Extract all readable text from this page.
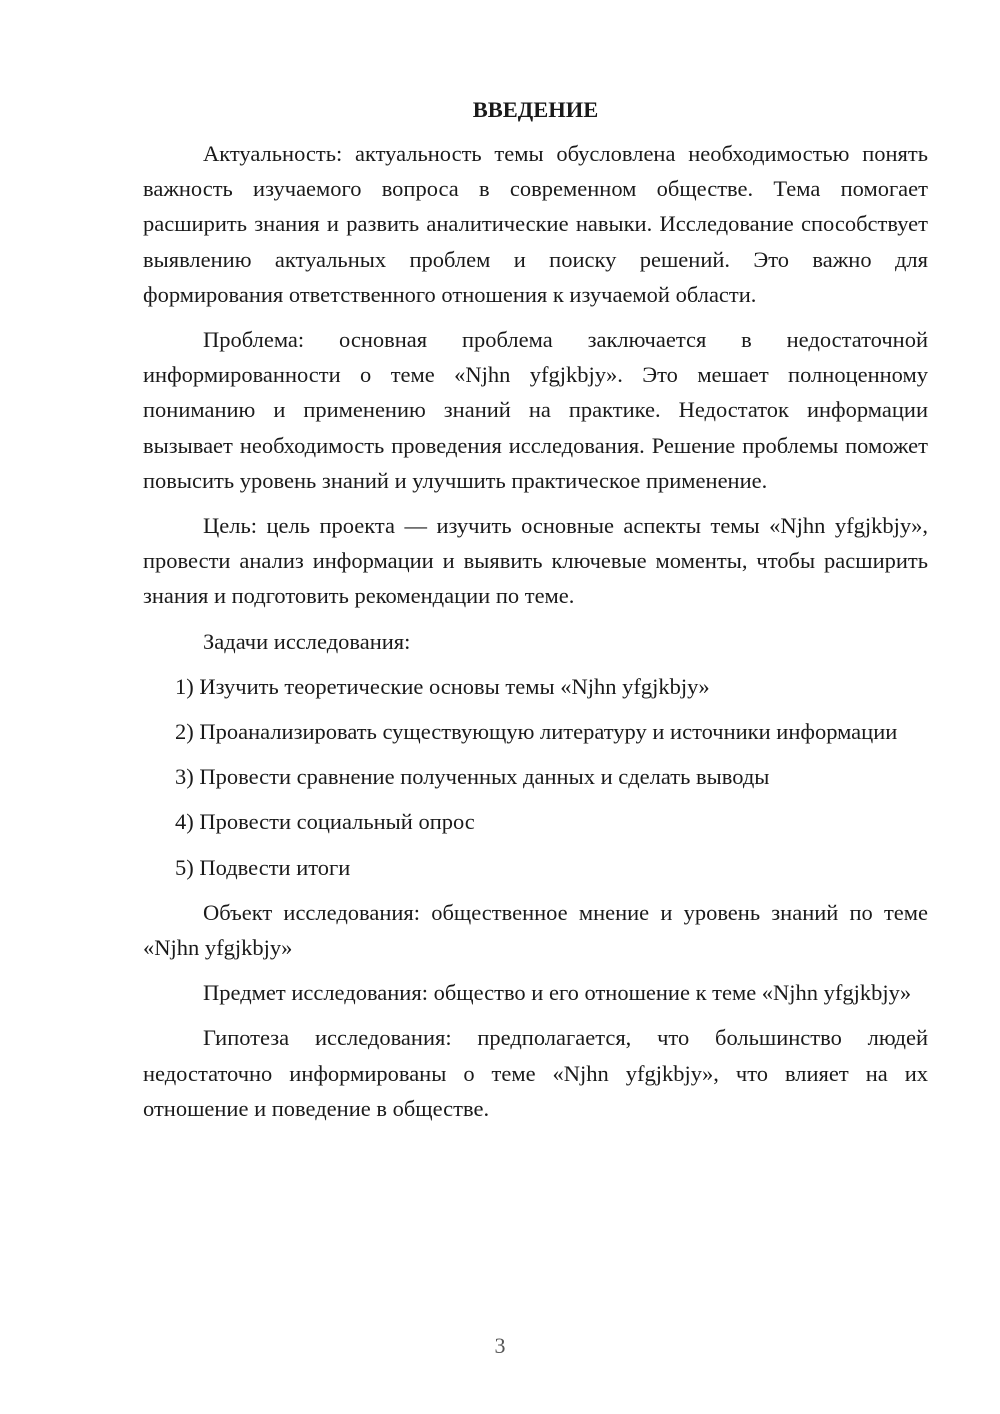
ВВЕДЕНИЕ

Актуальность: актуальность темы обусловлена необходимостью понять важность изучаемого вопроса в современном обществе. Тема помогает расширить знания и развить аналитические навыки. Исследование способствует выявлению актуальных проблем и поиску решений. Это важно для формирования ответственного отношения к изучаемой области.

Проблема: основная проблема заключается в недостаточной информированности о теме «Njhn yfgjkbjy». Это мешает полноценному пониманию и применению знаний на практике. Недостаток информации вызывает необходимость проведения исследования. Решение проблемы поможет повысить уровень знаний и улучшить практическое применение.

Цель: цель проекта — изучить основные аспекты темы «Njhn yfgjkbjy», провести анализ информации и выявить ключевые моменты, чтобы расширить знания и подготовить рекомендации по теме.

Задачи исследования:

1) Изучить теоретические основы темы «Njhn yfgjkbjy»

2) Проанализировать существующую литературу и источники информации

3) Провести сравнение полученных данных и сделать выводы

4) Провести социальный опрос

5) Подвести итоги

Объект исследования: общественное мнение и уровень знаний по теме «Njhn yfgjkbjy»

Предмет исследования: общество и его отношение к теме «Njhn yfgjkbjy»

Гипотеза исследования: предполагается, что большинство людей недостаточно информированы о теме «Njhn yfgjkbjy», что влияет на их отношение и поведение в обществе.

3
